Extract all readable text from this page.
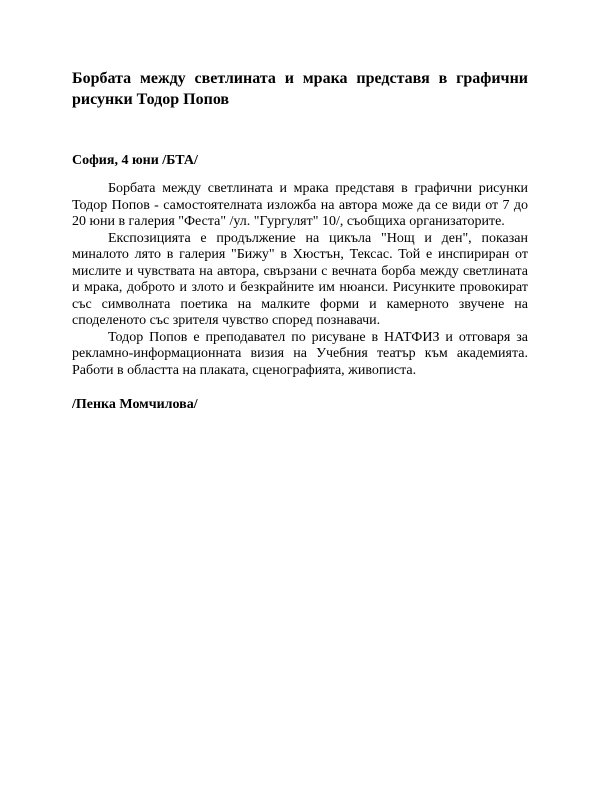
Борбата между светлината и мрака представя в графични рисунки Тодор Попов

София, 4 юни /БТА/

Борбата между светлината и мрака представя в графични рисунки Тодор Попов - самостоятелната изложба на автора може да се види от 7 до 20 юни в галерия "Феста" /ул. "Гургулят" 10/, съобщиха организаторите.

Експозицията е продължение на цикъла "Нощ и ден", показан миналото лято в галерия "Бижу" в Хюстън, Тексас. Той е инспириран от мислите и чувствата на автора, свързани с вечната борба между светлината и мрака, доброто и злото и безкрайните им нюанси. Рисунките провокират със символната поетика на малките форми и камерното звучене на споделеното със зрителя чувство според познавачи.

Тодор Попов е преподавател по рисуване в НАТФИЗ и отговаря за рекламно-информационната визия на Учебния театър към академията. Работи в областта на плаката, сценографията, живописта.

/Пенка Момчилова/
